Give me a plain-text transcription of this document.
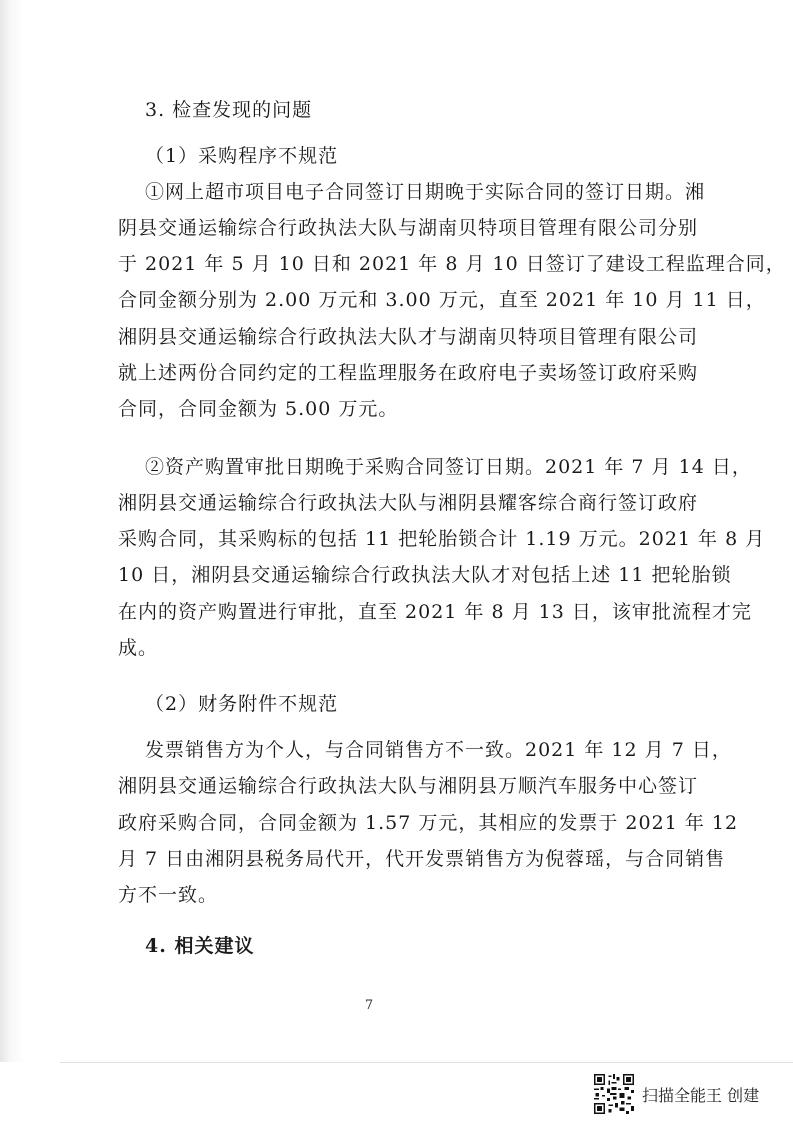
3. 检查发现的问题
（1）采购程序不规范
①网上超市项目电子合同签订日期晚于实际合同的签订日期。湘
阴县交通运输综合行政执法大队与湖南贝特项目管理有限公司分别
于 2021 年 5 月 10 日和 2021 年 8 月 10 日签订了建设工程监理合同，
合同金额分别为 2.00 万元和 3.00 万元，直至 2021 年 10 月 11 日，
湘阴县交通运输综合行政执法大队才与湖南贝特项目管理有限公司
就上述两份合同约定的工程监理服务在政府电子卖场签订政府采购
合同，合同金额为 5.00 万元。
②资产购置审批日期晚于采购合同签订日期。2021 年 7 月 14 日，
湘阴县交通运输综合行政执法大队与湘阴县耀客综合商行签订政府
采购合同，其采购标的包括 11 把轮胎锁合计 1.19 万元。2021 年 8 月
10 日，湘阴县交通运输综合行政执法大队才对包括上述 11 把轮胎锁
在内的资产购置进行审批，直至 2021 年 8 月 13 日，该审批流程才完
成。
（2）财务附件不规范
发票销售方为个人，与合同销售方不一致。2021 年 12 月 7 日，
湘阴县交通运输综合行政执法大队与湘阴县万顺汽车服务中心签订
政府采购合同，合同金额为 1.57 万元，其相应的发票于 2021 年 12
月 7 日由湘阴县税务局代开，代开发票销售方为倪蓉瑶，与合同销售
方不一致。
4. 相关建议
7
扫描全能王 创建
